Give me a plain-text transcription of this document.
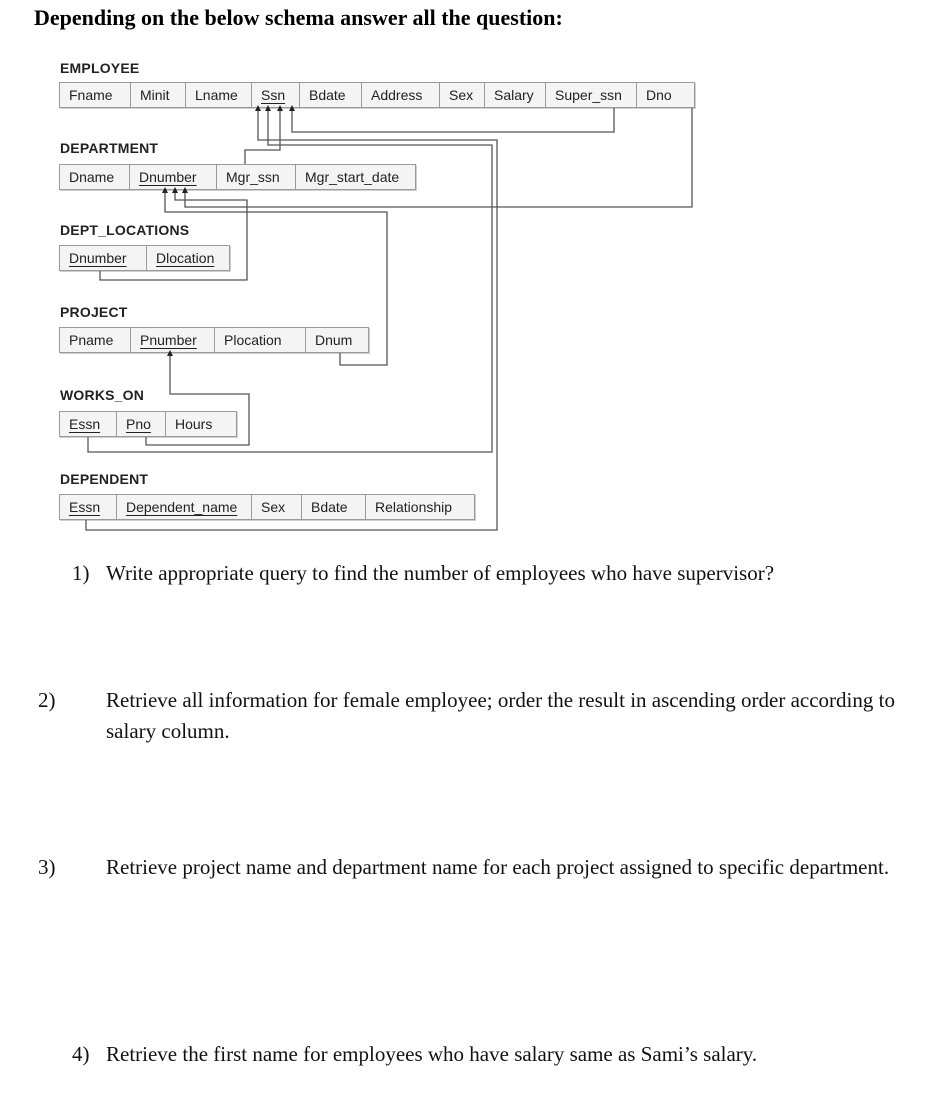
Depending on the below schema answer all the question:
EMPLOYEE
Fname	Minit	Lname	Ssn	Bdate	Address	Sex	Salary	Super_ssn	Dno
DEPARTMENT
Dname	Dnumber	Mgr_ssn	Mgr_start_date
DEPT_LOCATIONS
Dnumber	Dlocation
PROJECT
Pname	Pnumber	Plocation	Dnum
WORKS_ON
Essn	Pno	Hours
DEPENDENT
Essn	Dependent_name	Sex	Bdate	Relationship
1) Write appropriate query to find the number of employees who have supervisor?
2) Retrieve all information for female employee; order the result in ascending order according to salary column.
3) Retrieve project name and department name for each project assigned to specific department.
4) Retrieve the first name for employees who have salary same as Sami’s salary.
